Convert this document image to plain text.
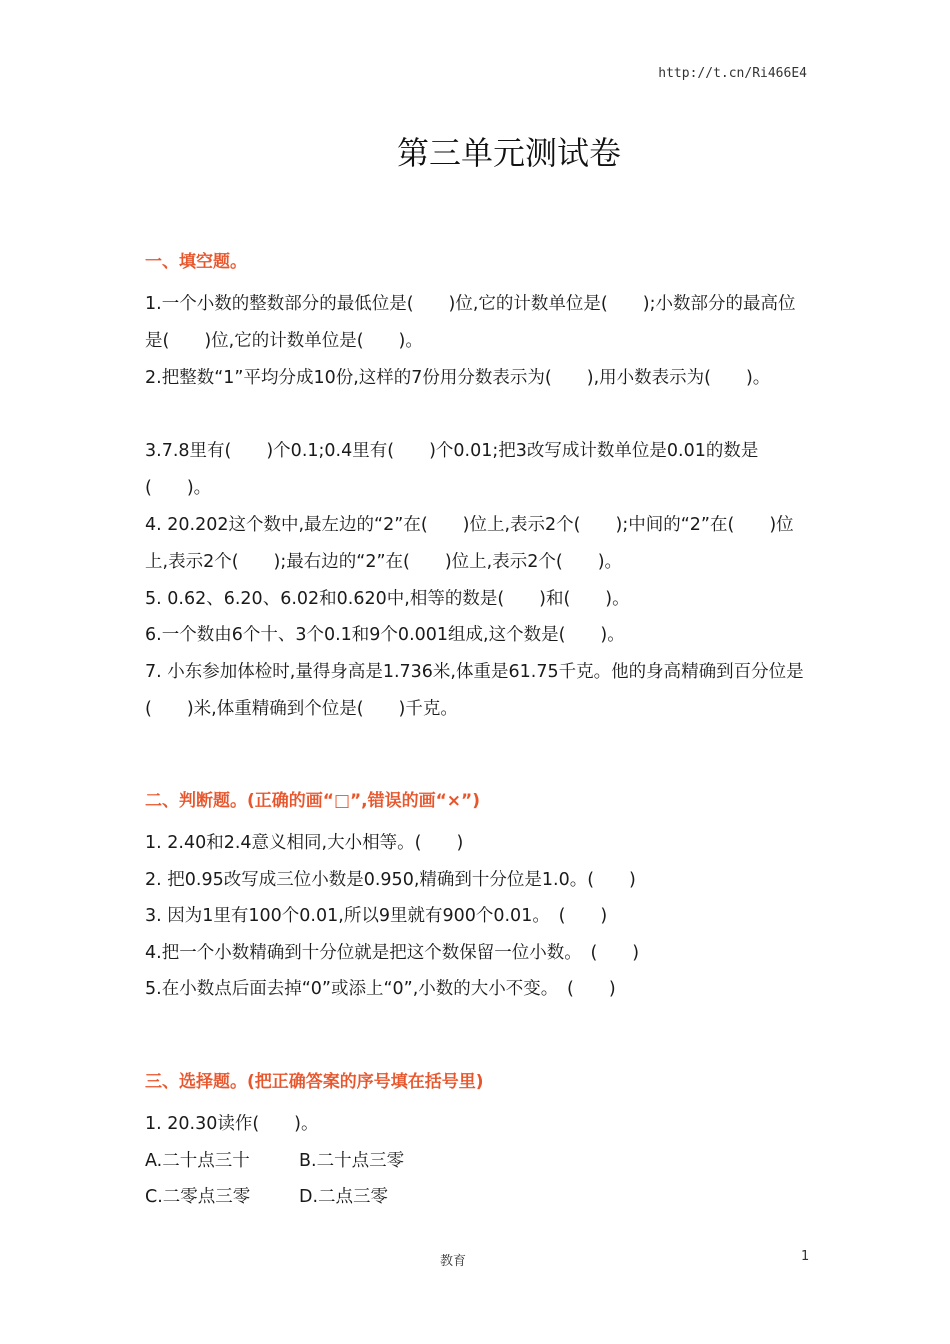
http://t.cn/Ri466E4
第三单元测试卷
一、填空题。
1.一个小数的整数部分的最低位是(　　)位,它的计数单位是(　　);小数部分的最高位是(　　)位,它的计数单位是(　　)。
2.把整数“1”平均分成10份,这样的7份用分数表示为(　　),用小数表示为(　　)。
3.7.8里有(　　)个0.1;0.4里有(　　)个0.01;把3改写成计数单位是0.01的数是(　　)。
4. 20.202这个数中,最左边的“2”在(　　)位上,表示2个(　　);中间的“2”在(　　)位上,表示2个(　　);最右边的“2”在(　　)位上,表示2个(　　)。
5. 0.62、6.20、6.02和0.620中,相等的数是(　　)和(　　)。
6.一个数由6个十、3个0.1和9个0.001组成,这个数是(　　)。
7. 小东参加体检时,量得身高是1.736米,体重是61.75千克。他的身高精确到百分位是(　　)米,体重精确到个位是(　　)千克。
二、判断题。(正确的画“□”,错误的画“×”)
1. 2.40和2.4意义相同,大小相等。(　　)
2. 把0.95改写成三位小数是0.950,精确到十分位是1.0。(　　)
3. 因为1里有100个0.01,所以9里就有900个0.01。　(　　)
4.把一个小数精确到十分位就是把这个数保留一位小数。　(　　)
5.在小数点后面去掉“0”或添上“0”,小数的大小不变。　(　　)
三、选择题。(把正确答案的序号填在括号里)
1. 20.30读作(　　)。
A.二十点三十	B.二十点三零
C.二零点三零	D.二点三零
教育	1
